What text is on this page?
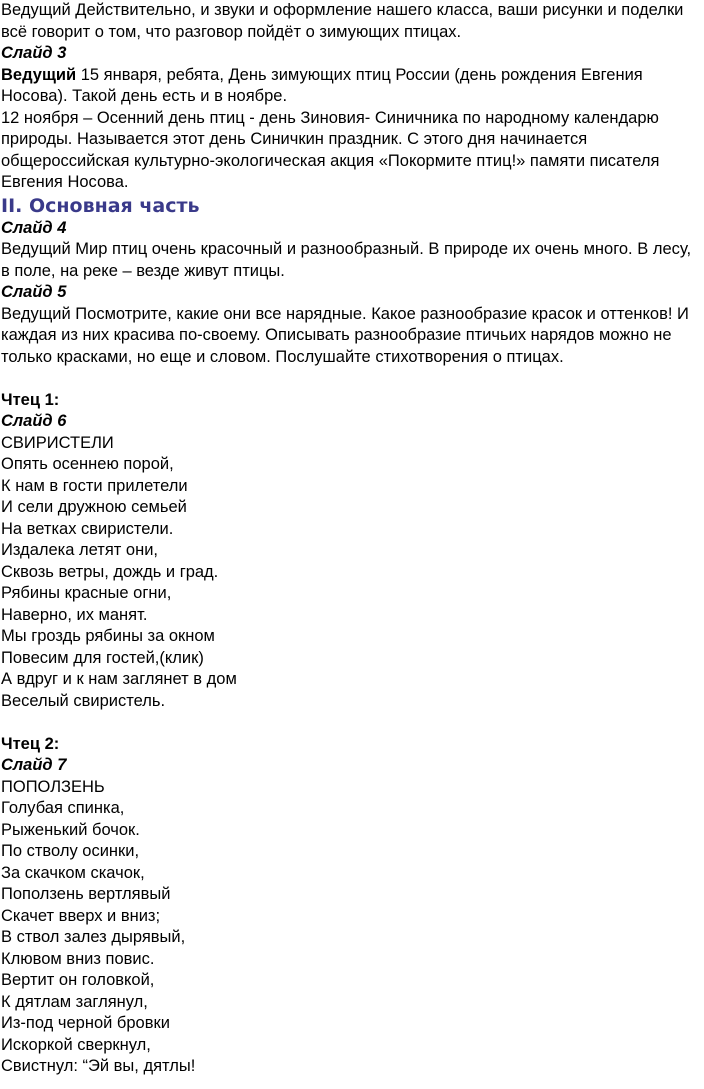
Ведущий Действительно, и звуки и оформление нашего класса, ваши рисунки и поделки всё говорит о том, что разговор пойдёт о зимующих птицах.

Слайд 3

Ведущий 15 января, ребята, День зимующих птиц России (день рождения Евгения Носова). Такой день есть и в ноябре.

12 ноября – Осенний день птиц - день Зиновия- Синичника по народному календарю природы. Называется этот день Синичкин праздник. С этого дня начинается общероссийская культурно-экологическая акция «Покормите птиц!» памяти писателя Евгения Носова.

II. Основная часть

Слайд 4

Ведущий Мир птиц очень красочный и разнообразный. В природе их очень много. В лесу, в поле, на реке – везде живут птицы.

Слайд 5

Ведущий Посмотрите, какие они все нарядные. Какое разнообразие красок и оттенков! И каждая из них красива по-своему. Описывать разнообразие птичьих нарядов можно не только красками, но еще и словом. Послушайте стихотворения о птицах.

Чтец 1:

Слайд 6

СВИРИСТЕЛИ

Опять осеннею порой,

К нам в гости прилетели

И сели дружною семьей

На ветках свиристели.

Издалека летят они,

Сквозь ветры, дождь и град.

Рябины красные огни,

Наверно, их манят.

Мы гроздь рябины за окном

Повесим для гостей,(клик)

А вдруг и к нам заглянет в дом

Веселый свиристель.

Чтец 2:

Слайд 7

ПОПОЛЗЕНЬ

Голубая спинка,

Рыженький бочок.

По стволу осинки,

За скачком скачок,

Поползень вертлявый

Скачет вверх и вниз;

В ствол залез дырявый,

Клювом вниз повис.

Вертит он головкой,

К дятлам заглянул,

Из-под черной бровки

Искоркой сверкнул,

Свистнул: “Эй вы, дятлы!
